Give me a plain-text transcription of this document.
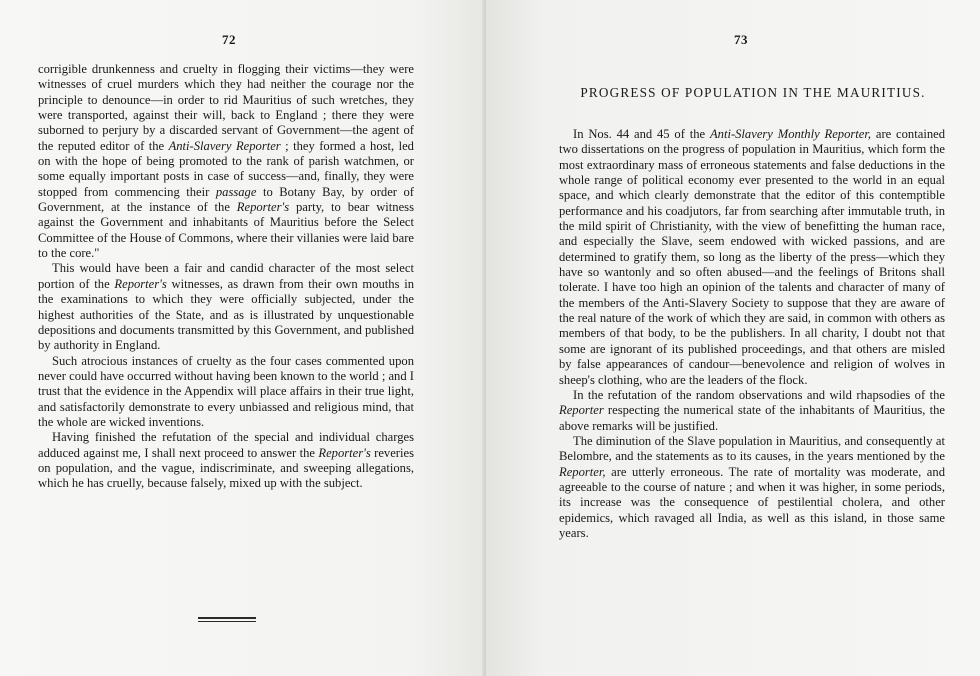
72

corrigible drunkenness and cruelty in flogging their victims—they were witnesses of cruel murders which they had neither the courage nor the principle to denounce—in order to rid Mauritius of such wretches, they were transported, against their will, back to England ; there they were suborned to perjury by a discarded servant of Government—the agent of the reputed editor of the Anti-Slavery Reporter ; they formed a host, led on with the hope of being promoted to the rank of parish watchmen, or some equally important posts in case of success—and, finally, they were stopped from commencing their passage to Botany Bay, by order of Government, at the instance of the Reporter's party, to bear witness against the Government and inhabitants of Mauritius before the Select Committee of the House of Commons, where their villanies were laid bare to the core."

This would have been a fair and candid character of the most select portion of the Reporter's witnesses, as drawn from their own mouths in the examinations to which they were officially subjected, under the highest authorities of the State, and as is illustrated by unquestionable depositions and documents transmitted by this Government, and published by authority in England.

Such atrocious instances of cruelty as the four cases commented upon never could have occurred without having been known to the world ; and I trust that the evidence in the Appendix will place affairs in their true light, and satisfactorily demonstrate to every unbiassed and religious mind, that the whole are wicked inventions.

Having finished the refutation of the special and individual charges adduced against me, I shall next proceed to answer the Reporter's reveries on population, and the vague, indiscriminate, and sweeping allegations, which he has cruelly, because falsely, mixed up with the subject.

73
PROGRESS OF POPULATION IN THE MAURITIUS.

In Nos. 44 and 45 of the Anti-Slavery Monthly Reporter, are contained two dissertations on the progress of population in Mauritius, which form the most extraordinary mass of erroneous statements and false deductions in the whole range of political economy ever presented to the world in an equal space, and which clearly demonstrate that the editor of this contemptible performance and his coadjutors, far from searching after immutable truth, in the mild spirit of Christianity, with the view of benefitting the human race, and especially the Slave, seem endowed with wicked passions, and are determined to gratify them, so long as the liberty of the press—which they have so wantonly and so often abused—and the feelings of Britons shall tolerate. I have too high an opinion of the talents and character of many of the members of the Anti-Slavery Society to suppose that they are aware of the real nature of the work of which they are said, in common with others as members of that body, to be the publishers. In all charity, I doubt not that some are ignorant of its published proceedings, and that others are misled by false appearances of candour—benevolence and religion of wolves in sheep's clothing, who are the leaders of the flock.

In the refutation of the random observations and wild rhapsodies of the Reporter respecting the numerical state of the inhabitants of Mauritius, the above remarks will be justified.

The diminution of the Slave population in Mauritius, and consequently at Belombre, and the statements as to its causes, in the years mentioned by the Reporter, are utterly erroneous. The rate of mortality was moderate, and agreeable to the course of nature ; and when it was higher, in some periods, its increase was the consequence of pestilential cholera, and other epidemics, which ravaged all India, as well as this island, in those same years.
